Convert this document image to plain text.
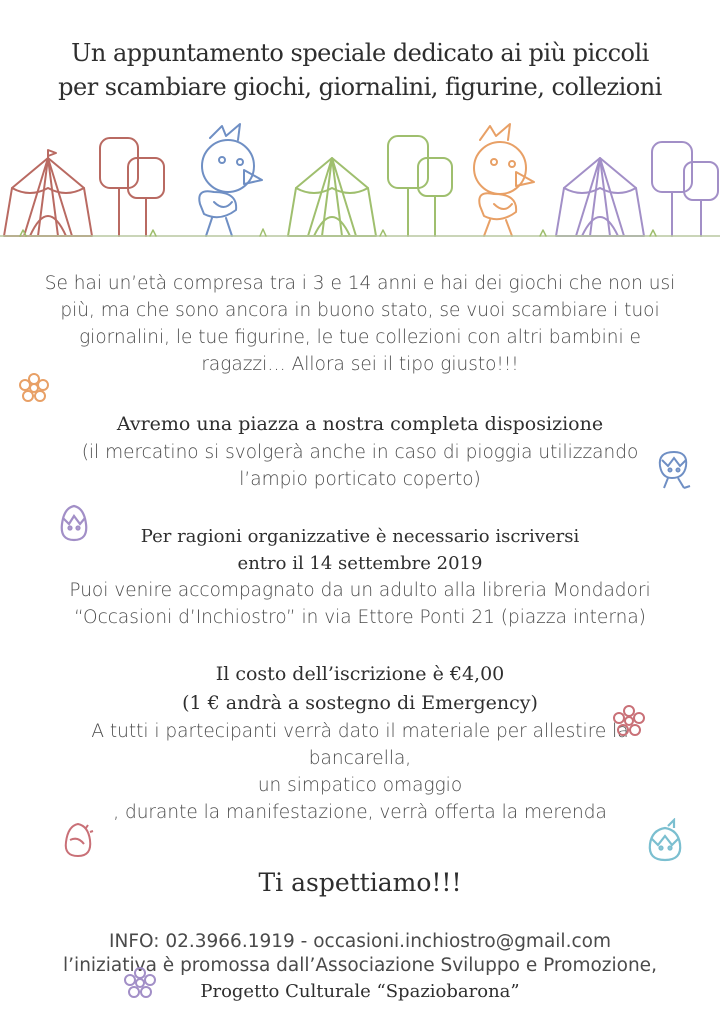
Un appuntamento speciale dedicato ai più piccoli
per scambiare giochi, giornalini, figurine, collezioni
Se hai un’età compresa tra i 3 e 14 anni e hai dei giochi che non usi
più, ma che sono ancora in buono stato, se vuoi scambiare i tuoi
giornalini, le tue figurine, le tue collezioni con altri bambini e
ragazzi… Allora sei il tipo giusto!!!
Avremo una piazza a nostra completa disposizione
(il mercatino si svolgerà anche in caso di pioggia utilizzando
l’ampio porticato coperto)
Per ragioni organizzative è necessario iscriversi
entro il 14 settembre 2019
Puoi venire accompagnato da un adulto alla libreria Mondadori
“Occasioni d’Inchiostro” in via Ettore Ponti 21 (piazza interna)
Il costo dell’iscrizione è €4,00
(1 € andrà a sostegno di Emergency)
A tutti i partecipanti verrà dato il materiale per allestire la
bancarella,
un simpatico omaggio
, durante la manifestazione, verrà offerta la merenda
Ti aspettiamo!!!
INFO: 02.3966.1919 - occasioni.inchiostro@gmail.com
l’iniziativa è promossa dall’Associazione Sviluppo e Promozione,
Progetto Culturale “Spaziobarona”
